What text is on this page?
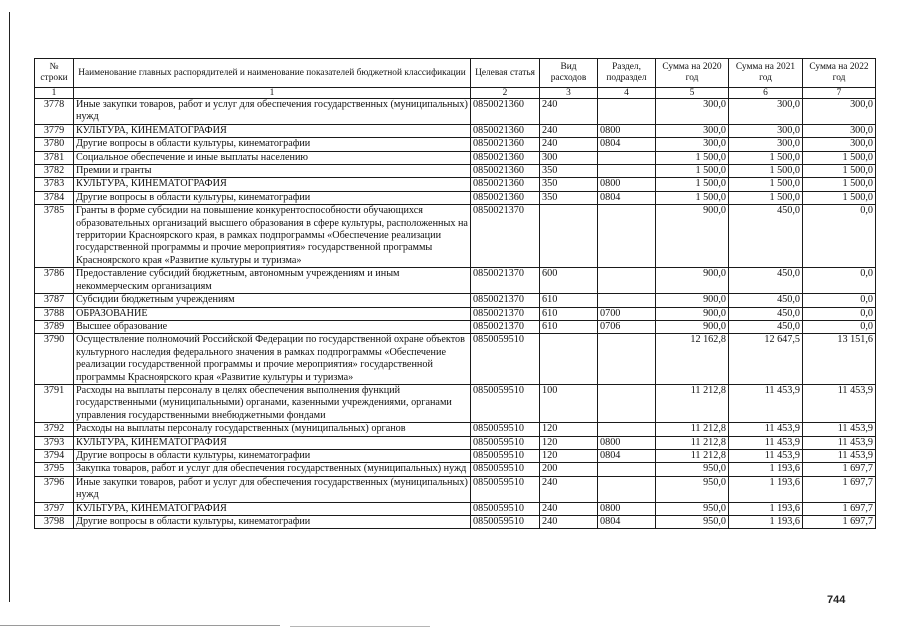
№ строки	Наименование главных распорядителей и наименование показателей бюджетной классификации	Целевая статья	Вид расходов	Раздел, подраздел	Сумма на 2020 год	Сумма на 2021 год	Сумма на 2022 год
1	1	2	3	4	5	6	7
3778	Иные закупки товаров, работ и услуг для обеспечения государственных (муниципальных) нужд	0850021360	240		300,0	300,0	300,0
3779	КУЛЬТУРА, КИНЕМАТОГРАФИЯ	0850021360	240	0800	300,0	300,0	300,0
3780	Другие вопросы в области культуры, кинематографии	0850021360	240	0804	300,0	300,0	300,0
3781	Социальное обеспечение и иные выплаты населению	0850021360	300		1 500,0	1 500,0	1 500,0
3782	Премии и гранты	0850021360	350		1 500,0	1 500,0	1 500,0
3783	КУЛЬТУРА, КИНЕМАТОГРАФИЯ	0850021360	350	0800	1 500,0	1 500,0	1 500,0
3784	Другие вопросы в области культуры, кинематографии	0850021360	350	0804	1 500,0	1 500,0	1 500,0
3785	Гранты в форме субсидии на повышение конкурентоспособности обучающихся образовательных организаций высшего образования в сфере культуры, расположенных на территории Красноярского края, в рамках подпрограммы «Обеспечение реализации государственной программы и прочие мероприятия» государственной программы Красноярского края «Развитие культуры и туризма»	0850021370			900,0	450,0	0,0
3786	Предоставление субсидий бюджетным, автономным учреждениям и иным некоммерческим организациям	0850021370	600		900,0	450,0	0,0
3787	Субсидии бюджетным учреждениям	0850021370	610		900,0	450,0	0,0
3788	ОБРАЗОВАНИЕ	0850021370	610	0700	900,0	450,0	0,0
3789	Высшее образование	0850021370	610	0706	900,0	450,0	0,0
3790	Осуществление полномочий Российской Федерации по государственной охране объектов культурного наследия федерального значения в рамках подпрограммы «Обеспечение реализации государственной программы и прочие мероприятия» государственной программы Красноярского края «Развитие культуры и туризма»	0850059510			12 162,8	12 647,5	13 151,6
3791	Расходы на выплаты персоналу в целях обеспечения выполнения функций государственными (муниципальными) органами, казенными учреждениями, органами управления государственными внебюджетными фондами	0850059510	100		11 212,8	11 453,9	11 453,9
3792	Расходы на выплаты персоналу государственных (муниципальных) органов	0850059510	120		11 212,8	11 453,9	11 453,9
3793	КУЛЬТУРА, КИНЕМАТОГРАФИЯ	0850059510	120	0800	11 212,8	11 453,9	11 453,9
3794	Другие вопросы в области культуры, кинематографии	0850059510	120	0804	11 212,8	11 453,9	11 453,9
3795	Закупка товаров, работ и услуг для обеспечения государственных (муниципальных) нужд	0850059510	200		950,0	1 193,6	1 697,7
3796	Иные закупки товаров, работ и услуг для обеспечения государственных (муниципальных) нужд	0850059510	240		950,0	1 193,6	1 697,7
3797	КУЛЬТУРА, КИНЕМАТОГРАФИЯ	0850059510	240	0800	950,0	1 193,6	1 697,7
3798	Другие вопросы в области культуры, кинематографии	0850059510	240	0804	950,0	1 193,6	1 697,7
744
